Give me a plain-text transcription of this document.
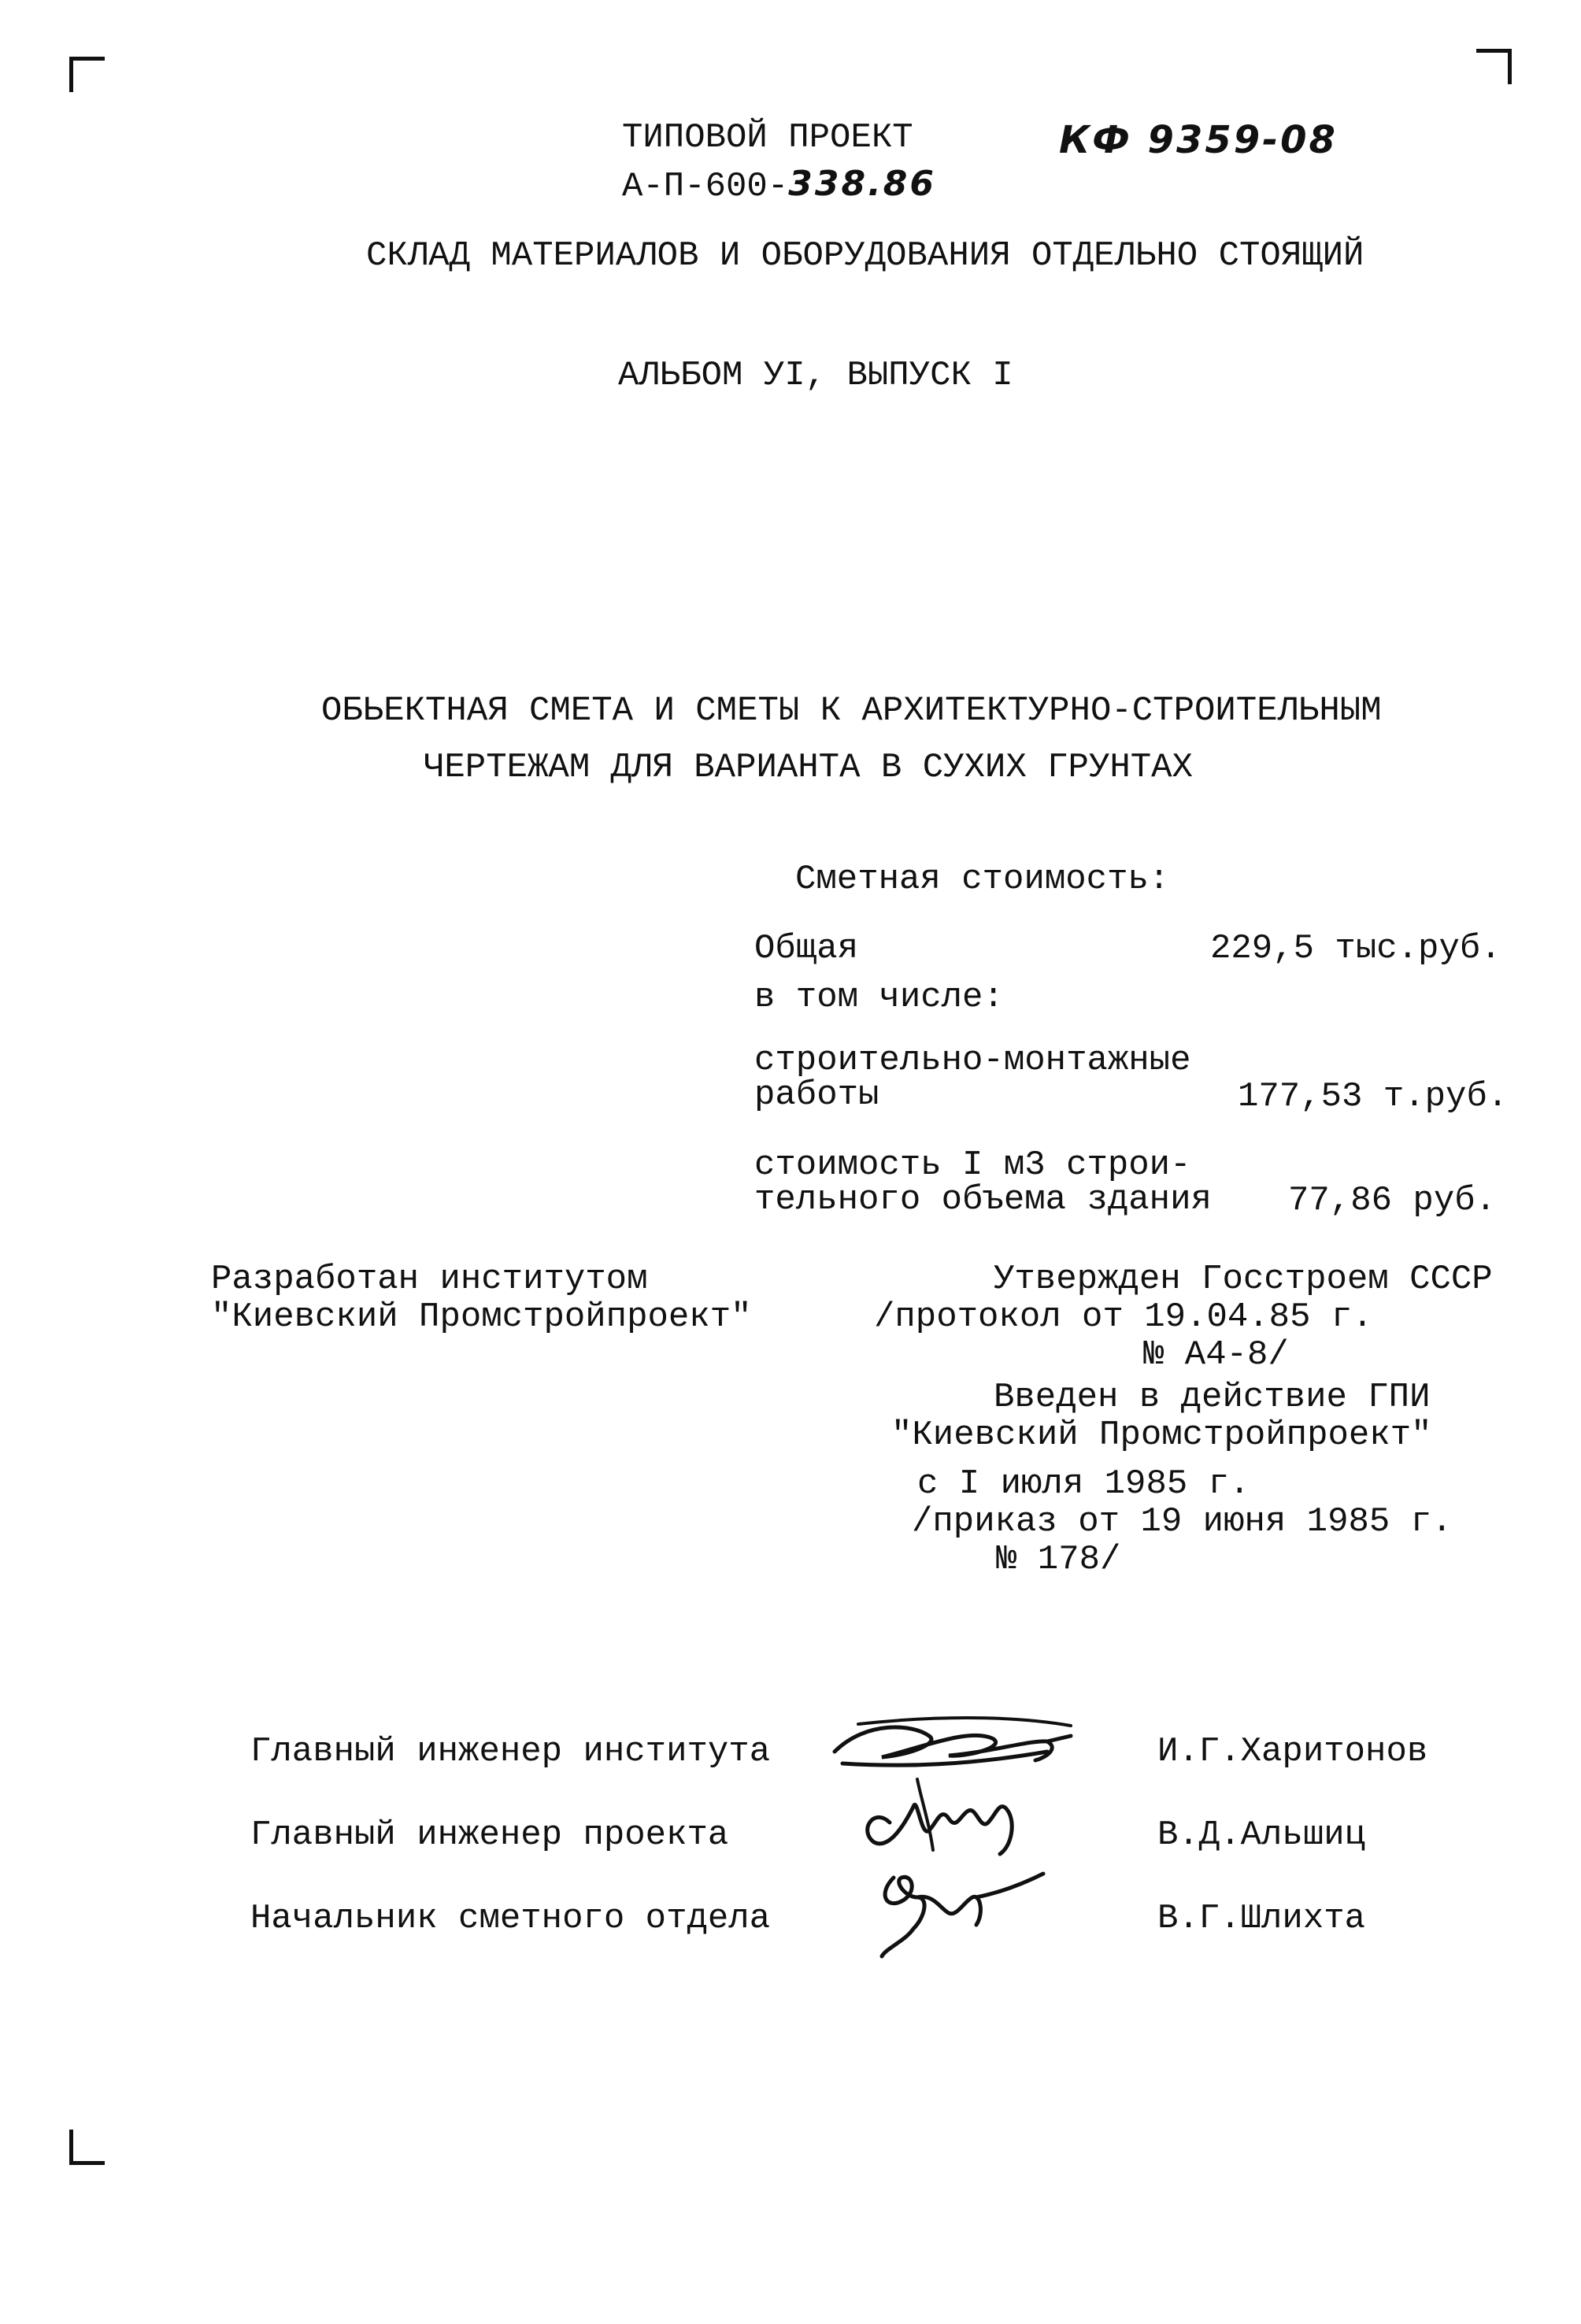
ТИПОВОЙ ПРОЕКТ	КФ 9359-08
А-П-600-338.86
СКЛАД МАТЕРИАЛОВ И ОБОРУДОВАНИЯ ОТДЕЛЬНО СТОЯЩИЙ
АЛЬБОМ УI, ВЫПУСК I
ОБЬЕКТНАЯ СМЕТА И СМЕТЫ К АРХИТЕКТУРНО-СТРОИТЕЛЬНЫМ
ЧЕРТЕЖАМ ДЛЯ ВАРИАНТА В СУХИХ ГРУНТАХ
Сметная стоимость:
Общая	229,5 тыс.руб.
в том числе:
строительно-монтажные
работы	177,53 т.руб.
стоимость I м3 строи-
тельного объема здания 77,86 руб.
Разработан институтом
"Киевский Промстройпроект"
Утвержден Госстроем СССР
/протокол от 19.04.85 г.
№ А4-8/
Введен в действие ГПИ
"Киевский Промстройпроект"
с I июля 1985 г.
/приказ от 19 июня 1985 г.
№ 178/
Главный инженер института	И.Г.Харитонов
Главный инженер проекта	В.Д.Альшиц
Начальник сметного отдела	В.Г.Шлихта
